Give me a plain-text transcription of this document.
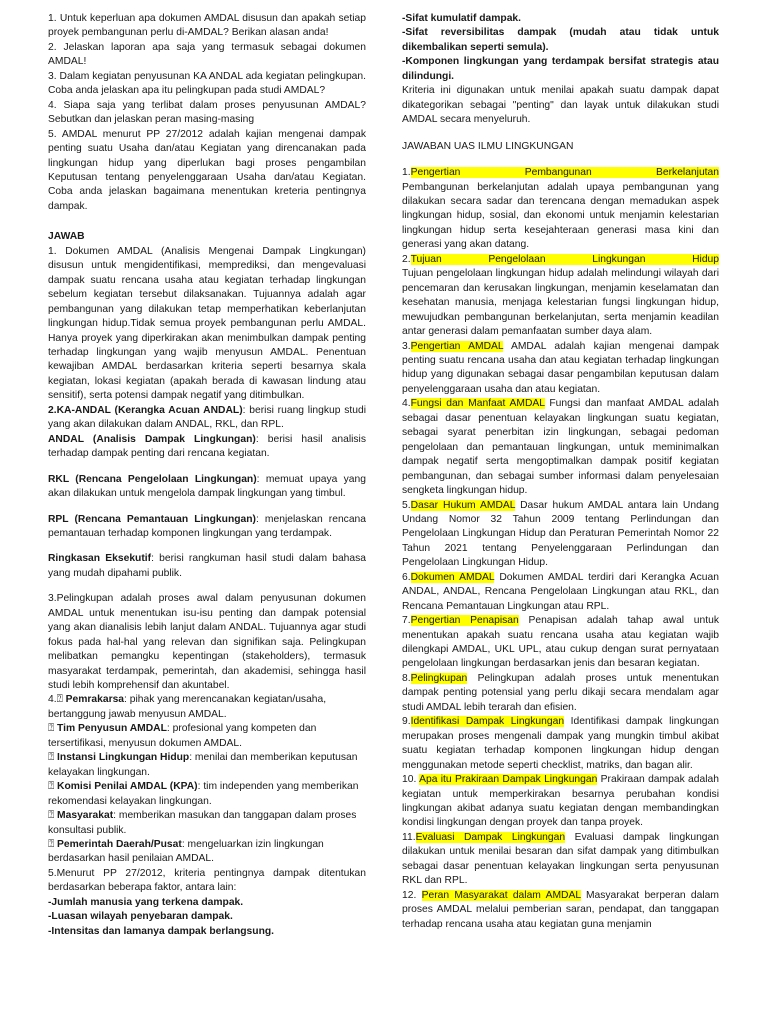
1. Untuk keperluan apa dokumen AMDAL disusun dan apakah setiap proyek pembangunan perlu di-AMDAL? Berikan alasan anda!

2. Jelaskan laporan apa saja yang termasuk sebagai dokumen AMDAL!

3. Dalam kegiatan penyusunan KA ANDAL ada kegiatan pelingkupan. Coba anda jelaskan apa itu pelingkupan pada studi AMDAL?

4. Siapa saja yang terlibat dalam proses penyusunan AMDAL? Sebutkan dan jelaskan peran masing-masing

5. AMDAL menurut PP 27/2012 adalah kajian mengenai dampak penting suatu Usaha dan/atau Kegiatan yang direncanakan pada lingkungan hidup yang diperlukan bagi proses pengambilan Keputusan tentang penyelenggaraan Usaha dan/atau Kegiatan. Coba anda jelaskan bagaimana menentukan kreteria pentingnya dampak.

JAWAB

1. Dokumen AMDAL (Analisis Mengenai Dampak Lingkungan) disusun untuk mengidentifikasi, memprediksi, dan mengevaluasi dampak suatu rencana usaha atau kegiatan terhadap lingkungan sebelum kegiatan tersebut dilaksanakan. Tujuannya adalah agar pembangunan yang dilakukan tetap memperhatikan keberlanjutan lingkungan hidup.Tidak semua proyek pembangunan perlu AMDAL. Hanya proyek yang diperkirakan akan menimbulkan dampak penting terhadap lingkungan yang wajib menyusun AMDAL. Penentuan kewajiban AMDAL berdasarkan kriteria seperti besarnya skala kegiatan, lokasi kegiatan (apakah berada di kawasan lindung atau sensitif), serta potensi dampak negatif yang ditimbulkan.

2.KA-ANDAL (Kerangka Acuan ANDAL): berisi ruang lingkup studi yang akan dilakukan dalam ANDAL, RKL, dan RPL.

ANDAL (Analisis Dampak Lingkungan): berisi hasil analisis terhadap dampak penting dari rencana kegiatan.

RKL (Rencana Pengelolaan Lingkungan): memuat upaya yang akan dilakukan untuk mengelola dampak lingkungan yang timbul.

RPL (Rencana Pemantauan Lingkungan): menjelaskan rencana pemantauan terhadap komponen lingkungan yang terdampak.

Ringkasan Eksekutif: berisi rangkuman hasil studi dalam bahasa yang mudah dipahami publik.

3.Pelingkupan adalah proses awal dalam penyusunan dokumen AMDAL untuk menentukan isu-isu penting dan dampak potensial yang akan dianalisis lebih lanjut dalam ANDAL. Tujuannya agar studi fokus pada hal-hal yang relevan dan signifikan saja. Pelingkupan melibatkan pemangku kepentingan (stakeholders), termasuk masyarakat terdampak, pemerintah, dan akademisi, sehingga hasil studi lebih komprehensif dan akuntabel.

4.⍰ Pemrakarsa: pihak yang merencanakan kegiatan/usaha, bertanggung jawab menyusun AMDAL.

⍰ Tim Penyusun AMDAL: profesional yang kompeten dan tersertifikasi, menyusun dokumen AMDAL.

⍰ Instansi Lingkungan Hidup: menilai dan memberikan keputusan kelayakan lingkungan.

⍰ Komisi Penilai AMDAL (KPA): tim independen yang memberikan rekomendasi kelayakan lingkungan.

⍰ Masyarakat: memberikan masukan dan tanggapan dalam proses konsultasi publik.

⍰ Pemerintah Daerah/Pusat: mengeluarkan izin lingkungan berdasarkan hasil penilaian AMDAL.

5.Menurut PP 27/2012, kriteria pentingnya dampak ditentukan berdasarkan beberapa faktor, antara lain:

-Jumlah manusia yang terkena dampak.

-Luasan wilayah penyebaran dampak.

-Intensitas dan lamanya dampak berlangsung.

-Sifat kumulatif dampak.

-Sifat reversibilitas dampak (mudah atau tidak untuk dikembalikan seperti semula).

-Komponen lingkungan yang terdampak bersifat strategis atau dilindungi.

Kriteria ini digunakan untuk menilai apakah suatu dampak dapat dikategorikan sebagai "penting" dan layak untuk dilakukan studi AMDAL secara menyeluruh.

JAWABAN UAS ILMU LINGKUNGAN

1.Pengertian Pembangunan Berkelanjutan

Pembangunan berkelanjutan adalah upaya pembangunan yang dilakukan secara sadar dan terencana dengan memadukan aspek lingkungan hidup, sosial, dan ekonomi untuk menjamin kelestarian lingkungan hidup serta kesejahteraan generasi masa kini dan generasi yang akan datang.

2.Tujuan Pengelolaan Lingkungan Hidup

Tujuan pengelolaan lingkungan hidup adalah melindungi wilayah dari pencemaran dan kerusakan lingkungan, menjamin keselamatan dan kesehatan manusia, menjaga kelestarian fungsi lingkungan hidup, mewujudkan pembangunan berkelanjutan, serta menjamin keadilan antar generasi dalam pemanfaatan sumber daya alam.

3.Pengertian AMDAL AMDAL adalah kajian mengenai dampak penting suatu rencana usaha dan atau kegiatan terhadap lingkungan hidup yang digunakan sebagai dasar pengambilan keputusan dalam penyelenggaraan usaha dan atau kegiatan.

4.Fungsi dan Manfaat AMDAL Fungsi dan manfaat AMDAL adalah sebagai dasar penentuan kelayakan lingkungan suatu kegiatan, sebagai syarat penerbitan izin lingkungan, sebagai pedoman pengelolaan dan pemantauan lingkungan, untuk meminimalkan dampak negatif serta mengoptimalkan dampak positif kegiatan pembangunan, dan sebagai sumber informasi dalam penyelesaian sengketa lingkungan hidup.

5.Dasar Hukum AMDAL Dasar hukum AMDAL antara lain Undang Undang Nomor 32 Tahun 2009 tentang Perlindungan dan Pengelolaan Lingkungan Hidup dan Peraturan Pemerintah Nomor 22 Tahun 2021 tentang Penyelenggaraan Perlindungan dan Pengelolaan Lingkungan Hidup.

6.Dokumen AMDAL Dokumen AMDAL terdiri dari Kerangka Acuan ANDAL, ANDAL, Rencana Pengelolaan Lingkungan atau RKL, dan Rencana Pemantauan Lingkungan atau RPL.

7.Pengertian Penapisan Penapisan adalah tahap awal untuk menentukan apakah suatu rencana usaha atau kegiatan wajib dilengkapi AMDAL, UKL UPL, atau cukup dengan surat pernyataan pengelolaan lingkungan berdasarkan jenis dan besaran kegiatan.

8.Pelingkupan Pelingkupan adalah proses untuk menentukan dampak penting potensial yang perlu dikaji secara mendalam agar studi AMDAL lebih terarah dan efisien.

9.Identifikasi Dampak Lingkungan Identifikasi dampak lingkungan merupakan proses mengenali dampak yang mungkin timbul akibat suatu kegiatan terhadap komponen lingkungan hidup dengan menggunakan metode seperti checklist, matriks, dan bagan alir.

10. Apa itu Prakiraan Dampak Lingkungan Prakiraan dampak adalah kegiatan untuk memperkirakan besarnya perubahan kondisi lingkungan akibat adanya suatu kegiatan dengan membandingkan kondisi lingkungan dengan proyek dan tanpa proyek.

11.Evaluasi Dampak Lingkungan Evaluasi dampak lingkungan dilakukan untuk menilai besaran dan sifat dampak yang ditimbulkan sebagai dasar penentuan kelayakan lingkungan serta penyusunan RKL dan RPL.

12. Peran Masyarakat dalam AMDAL Masyarakat berperan dalam proses AMDAL melalui pemberian saran, pendapat, dan tanggapan terhadap rencana usaha atau kegiatan guna menjamin
